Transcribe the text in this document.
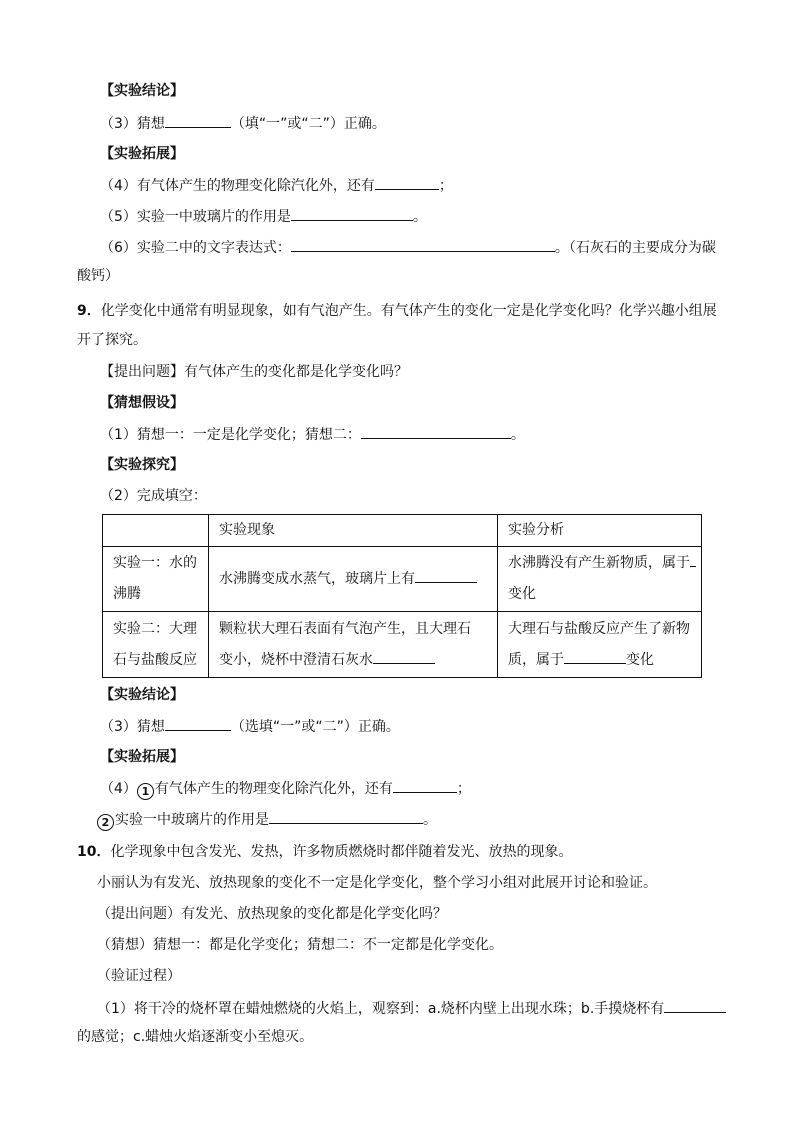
【实验结论】
（3）猜想	（填“一”或“二”）正确。
【实验拓展】
（4）有气体产生的物理变化除汽化外，还有	；
（5）实验一中玻璃片的作用是	。
（6）实验二中的文字表达式：	。（石灰石的主要成分为碳
酸钙）
9．化学变化中通常有明显现象，如有气泡产生。有气体产生的变化一定是化学变化吗？化学兴趣小组展
开了探究。
【提出问题】有气体产生的变化都是化学变化吗？
【猜想假设】
（1）猜想一：一定是化学变化；猜想二：	。
【实验探究】
（2）完成填空：
	实验现象	实验分析

实验一：水的
沸腾	水沸腾变成水蒸气，玻璃片上有	水沸腾没有产生新物质，属于
变化

实验二：大理
石与盐酸反应	颗粒状大理石表面有气泡产生，且大理石
变小，烧杯中澄清石灰水	大理石与盐酸反应产生了新物
质，属于 变化
【实验结论】
（3）猜想	（选填“一”或“二”）正确。
【实验拓展】
（4） 1 有气体产生的物理变化除汽化外，还有	；
2 实验一中玻璃片的作用是	。
10．化学现象中包含发光、发热，许多物质燃烧时都伴随着发光、放热的现象。
小丽认为有发光、放热现象的变化不一定是化学变化，整个学习小组对此展开讨论和验证。
（提出问题）有发光、放热现象的变化都是化学变化吗？
（猜想）猜想一：都是化学变化；猜想二：不一定都是化学变化。
（验证过程）
（1）将干冷的烧杯罩在蜡烛燃烧的火焰上，观察到：a.烧杯内壁上出现水珠；b.手摸烧杯有
的感觉；c.蜡烛火焰逐渐变小至熄灭。
